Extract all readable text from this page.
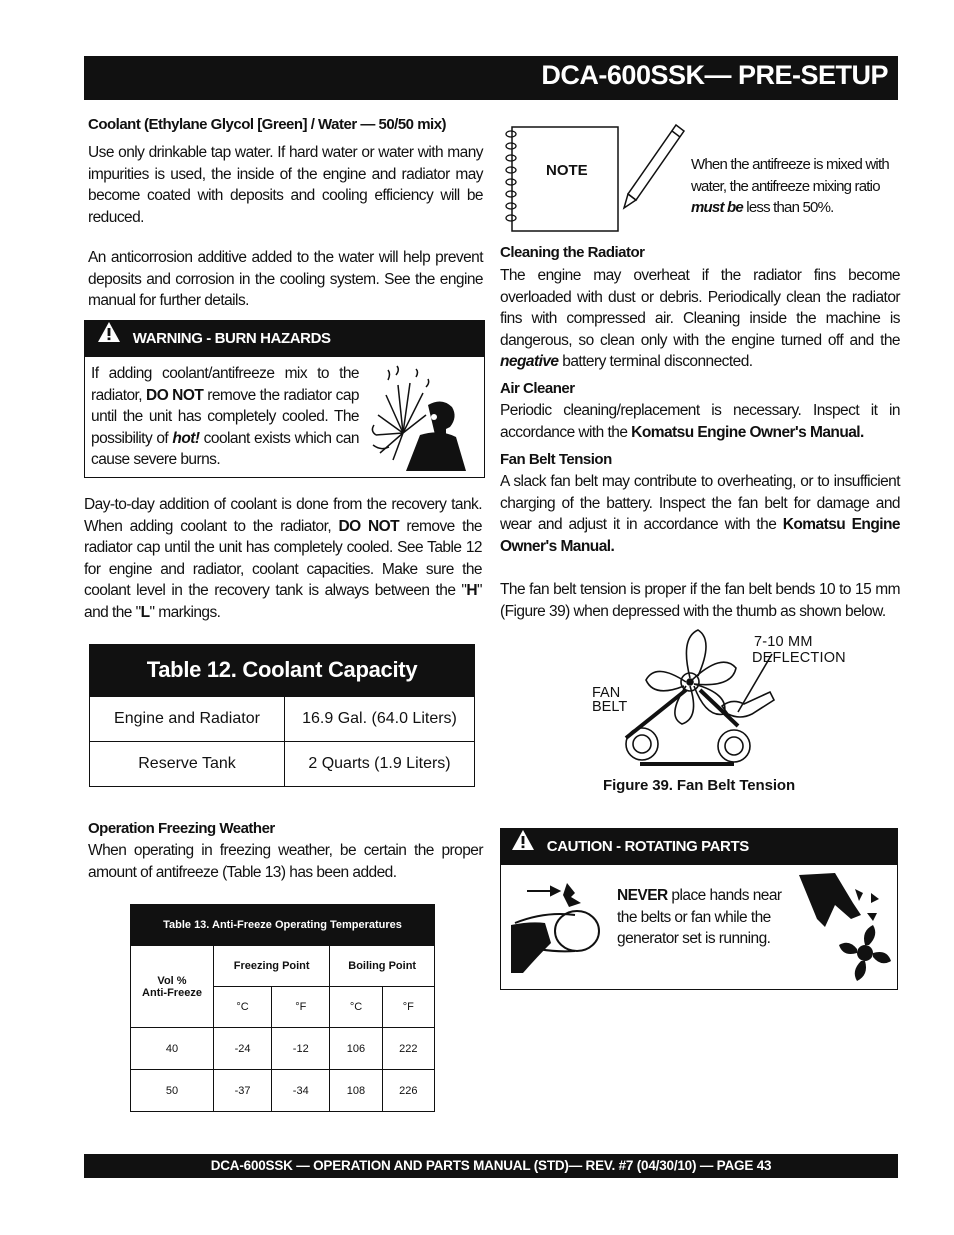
DCA-600SSK— PRE-SETUP
Coolant (Ethylane Glycol [Green] / Water — 50/50 mix)
Use only drinkable tap water. If hard water or water with many impurities is used, the inside of the engine and radiator may become coated with deposits and cooling efficiency will be reduced.
An anticorrosion additive added to the water will help prevent deposits and corrosion in the cooling system. See the engine manual for further details.
WARNING - BURN HAZARDS
If adding coolant/antifreeze mix to the radiator, DO NOT remove the radiator cap until the unit has completely cooled. The possibility of hot! coolant exists which can cause severe burns.
Day-to-day addition of coolant is done from the recovery tank. When adding coolant to the radiator, DO NOT remove the radiator cap until the unit has completely cooled. See Table 12 for engine and radiator, coolant capacities. Make sure the coolant level in the recovery tank is always between the "H" and the "L" markings.
Table 12. Coolant Capacity
Engine and Radiator	16.9 Gal. (64.0 Liters)
Reserve Tank	2 Quarts (1.9 Liters)
Operation Freezing Weather
When operating in freezing weather, be certain the proper amount of antifreeze (Table 13) has been added.
Table 13. Anti-Freeze Operating Temperatures				
Vol %
Anti-Freeze	Freezing Point		Boiling Point	
	°C	°F	°C	°F
40	-24	-12	106	222
50	-37	-34	108	226
NOTE	When the antifreeze is mixed with water, the antifreeze mixing ratio must be less than 50%.
Cleaning the Radiator
The engine may overheat if the radiator fins become overloaded with dust or debris. Periodically clean the radiator fins with compressed air. Cleaning inside the machine is dangerous, so clean only with the engine turned off and the negative battery terminal disconnected.
Air Cleaner
Periodic cleaning/replacement is necessary. Inspect it in accordance with the Komatsu Engine Owner's Manual.
Fan Belt Tension
A slack fan belt may contribute to overheating, or to insufficient charging of the battery. Inspect the fan belt for damage and wear and adjust it in accordance with the Komatsu Engine Owner's Manual.
The fan belt tension is proper if the fan belt bends 10 to 15 mm (Figure 39) when depressed with the thumb as shown below.
7-10 MM
DEFLECTION
FAN
BELT
Figure 39. Fan Belt Tension
CAUTION - ROTATING PARTS
NEVER place hands near the belts or fan while the generator set is running.
DCA-600SSK — OPERATION AND PARTS MANUAL (STD)— REV. #7 (04/30/10) — PAGE 43
